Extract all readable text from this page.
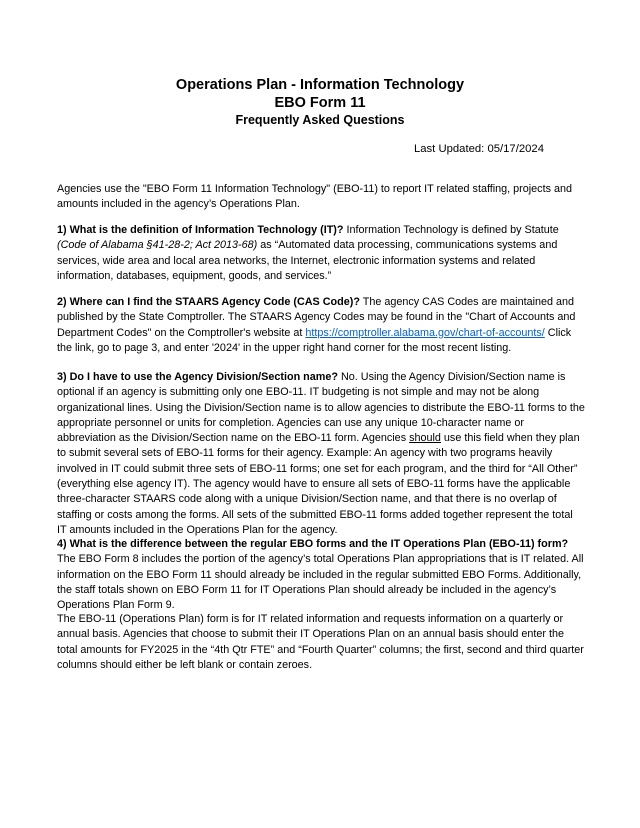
Operations Plan - Information Technology
EBO Form 11
Frequently Asked Questions
Last Updated: 05/17/2024

Agencies use the "EBO Form 11 Information Technology" (EBO-11) to report IT related staffing, projects and amounts included in the agency’s Operations Plan.

1) What is the definition of Information Technology (IT)? Information Technology is defined by Statute (Code of Alabama §41-28-2; Act 2013-68) as “Automated data processing, communications systems and services, wide area and local area networks, the Internet, electronic information systems and related information, databases, equipment, goods, and services.”

2) Where can I find the STAARS Agency Code (CAS Code)? The agency CAS Codes are maintained and published by the State Comptroller. The STAARS Agency Codes may be found in the "Chart of Accounts and Department Codes" on the Comptroller's website at https://comptroller.alabama.gov/chart-of-accounts/ Click the link, go to page 3, and enter '2024' in the upper right hand corner for the most recent listing.

3) Do I have to use the Agency Division/Section name? No. Using the Agency Division/Section name is optional if an agency is submitting only one EBO-11. IT budgeting is not simple and may not be along organizational lines. Using the Division/Section name is to allow agencies to distribute the EBO-11 forms to the appropriate personnel or units for completion. Agencies can use any unique 10-character name or abbreviation as the Division/Section name on the EBO-11 form. Agencies should use this field when they plan to submit several sets of EBO-11 forms for their agency. Example: An agency with two programs heavily involved in IT could submit three sets of EBO-11 forms; one set for each program, and the third for “All Other” (everything else agency IT). The agency would have to ensure all sets of EBO-11 forms have the applicable three-character STAARS code along with a unique Division/Section name, and that there is no overlap of staffing or costs among the forms. All sets of the submitted EBO-11 forms added together represent the total IT amounts included in the Operations Plan for the agency.

4) What is the difference between the regular EBO forms and the IT Operations Plan (EBO-11) form? The EBO Form 8 includes the portion of the agency’s total Operations Plan appropriations that is IT related. All information on the EBO Form 11 should already be included in the regular submitted EBO Forms. Additionally, the staff totals shown on EBO Form 11 for IT Operations Plan should already be included in the agency’s Operations Plan Form 9.

The EBO-11 (Operations Plan) form is for IT related information and requests information on a quarterly or annual basis. Agencies that choose to submit their IT Operations Plan on an annual basis should enter the total amounts for FY2025 in the “4th Qtr FTE” and “Fourth Quarter” columns; the first, second and third quarter columns should either be left blank or contain zeroes.
